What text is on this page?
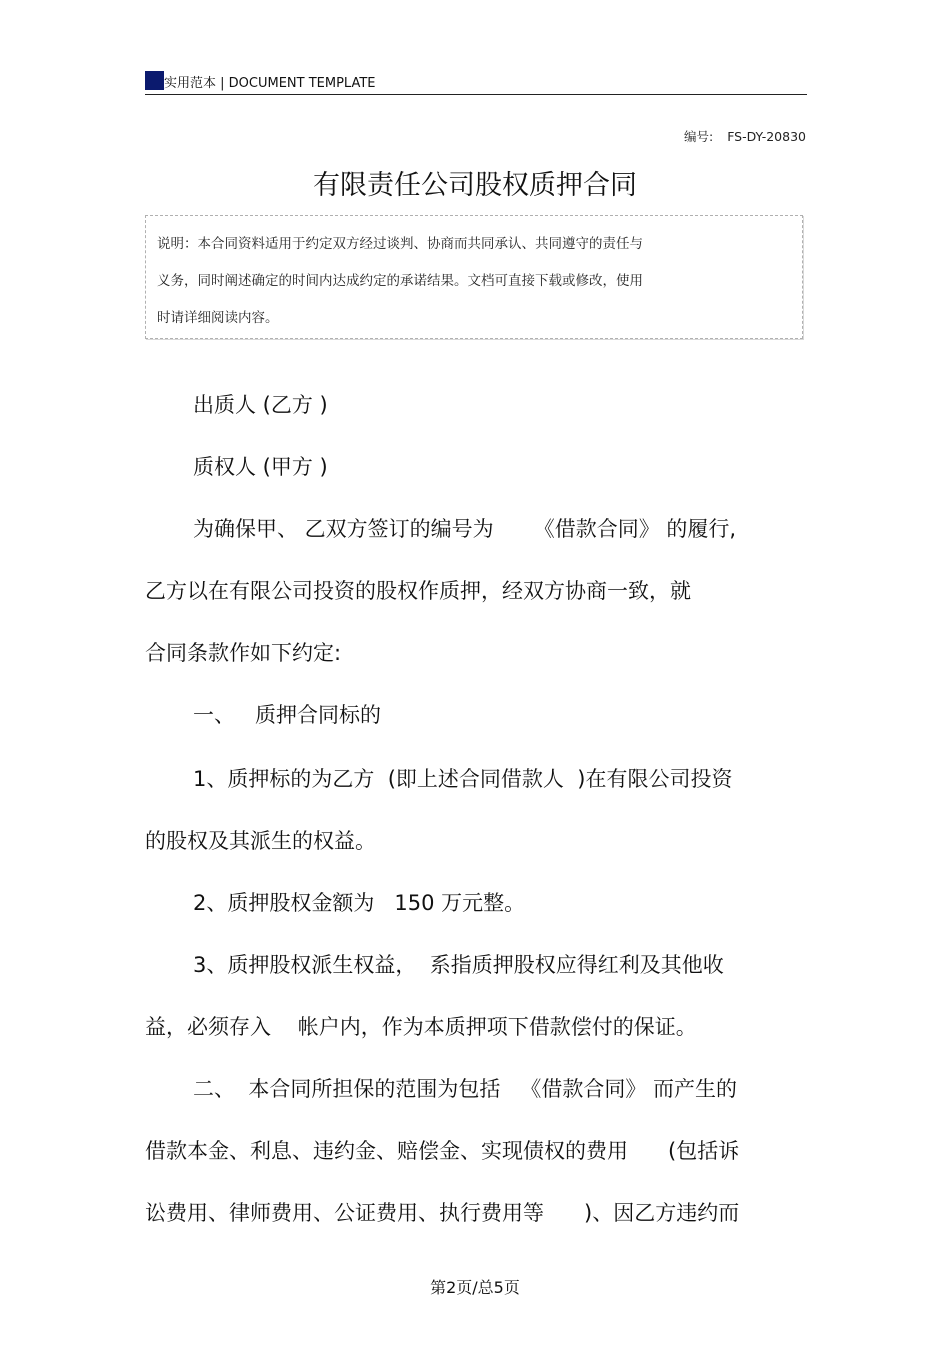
实用范本 | DOCUMENT TEMPLATE
编号: FS-DY-20830
有限责任公司股权质押合同
说明：本合同资料适用于约定双方经过谈判、协商而共同承认、共同遵守的责任与
义务，同时阐述确定的时间内达成约定的承诺结果。文档可直接下载或修改，使用
时请详细阅读内容。
出质人 (乙方 )
质权人 (甲方 )
为确保甲、 乙双方签订的编号为      《借款合同》 的履行,
乙方以在有限公司投资的股权作质押，经双方协商一致，就
合同条款作如下约定:
一、   质押合同标的
1、质押标的为乙方  (即上述合同借款人  )在有限公司投资
的股权及其派生的权益。
2、质押股权金额为   150 万元整。
3、质押股权派生权益，  系指质押股权应得红利及其他收
益，必须存入    帐户内，作为本质押项下借款偿付的保证。
二、  本合同所担保的范围为包括   《借款合同》 而产生的
借款本金、利息、违约金、赔偿金、实现债权的费用      (包括诉
讼费用、律师费用、公证费用、执行费用等      )、因乙方违约而
第2页/总5页
